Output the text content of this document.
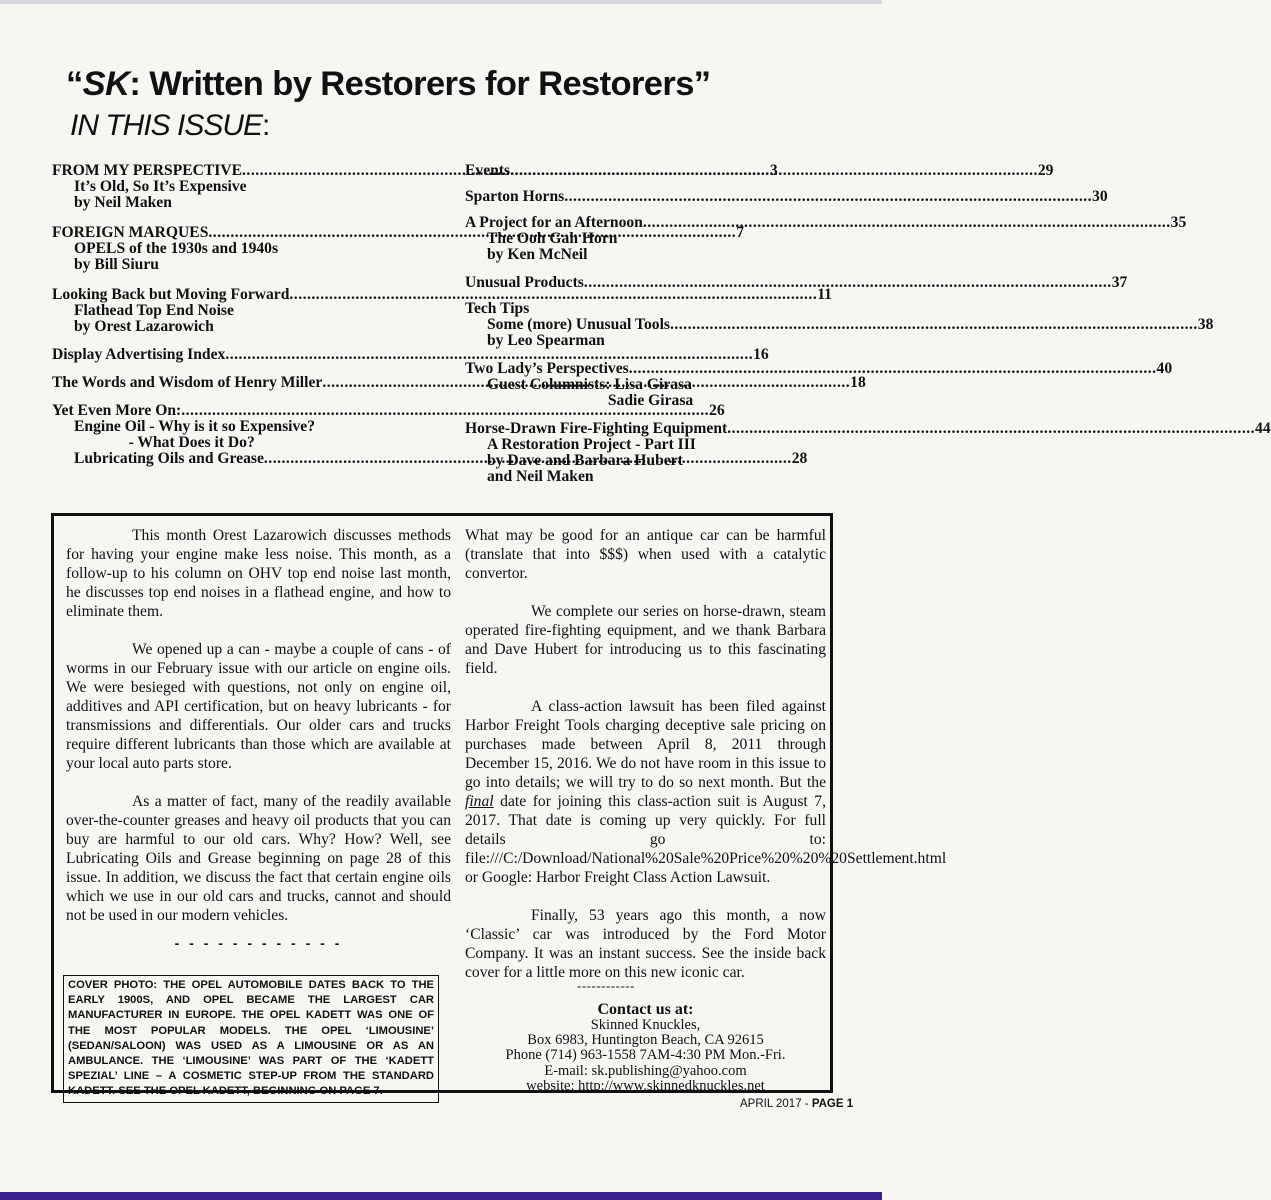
“SK: Written by Restorers for Restorers”
IN THIS ISSUE:
FROM MY PERSPECTIVE .....	3
It’s Old, So It’s Expensive
by Neil Maken
FOREIGN MARQUES .....	7
OPELS of the 1930s and 1940s
by Bill Siuru
Looking Back but Moving Forward .....	11
Flathead Top End Noise
by Orest Lazarowich
Display Advertising Index .....	16
The Words and Wisdom of Henry Miller .....	18
Yet Even More On: .....	26
Engine Oil - Why is it so Expensive?
- What Does it Do?
Lubricating Oils and Grease .....	28
Events .....	29
Sparton Horns .....	30
A Project for an Afternoon .....	35
The Ooh Gah Horn
by Ken McNeil
Unusual Products .....	37
Tech Tips
Some (more) Unusual Tools .....	38
by Leo Spearman
Two Lady’s Perspectives .....	40
Guest Columnists: Lisa Girasa
Sadie Girasa
Horse-Drawn Fire-Fighting Equipment .....	44
A Restoration Project - Part III
by Dave and Barbara Hubert
and Neil Maken

This month Orest Lazarowich discusses methods for having your engine make less noise. This month, as a follow-up to his column on OHV top end noise last month, he discusses top end noises in a flathead engine, and how to eliminate them.

We opened up a can - maybe a couple of cans - of worms in our February issue with our article on engine oils. We were besieged with questions, not only on engine oil, additives and API certification, but on heavy lubricants - for transmissions and differentials. Our older cars and trucks require different lubricants than those which are available at your local auto parts store.

As a matter of fact, many of the readily available over-the-counter greases and heavy oil products that you can buy are harmful to our old cars. Why? How? Well, see Lubricating Oils and Grease beginning on page 28 of this issue. In addition, we discuss the fact that certain engine oils which we use in our old cars and trucks, cannot and should not be used in our modern vehicles.

- - - - - - - - - - - -
COVER PHOTO: THE OPEL AUTOMOBILE DATES BACK TO THE EARLY 1900S, AND OPEL BECAME THE LARGEST CAR MANUFACTURER IN EUROPE. THE OPEL KADETT WAS ONE OF THE MOST POPULAR MODELS. THE OPEL ‘LIMOUSINE’ (SEDAN/SALOON) WAS USED AS A LIMOUSINE OR AS AN AMBULANCE. THE ‘LIMOUSINE’ WAS PART OF THE ‘KADETT SPEZIAL’ LINE – A COSMETIC STEP-UP FROM THE STANDARD KADETT. SEE THE OPEL KADETT, BEGINNING ON PAGE 7.

What may be good for an antique car can be harmful (translate that into $$$) when used with a catalytic convertor.

We complete our series on horse-drawn, steam operated fire-fighting equipment, and we thank Barbara and Dave Hubert for introducing us to this fascinating field.

A class-action lawsuit has been filed against Harbor Freight Tools charging deceptive sale pricing on purchases made between April 8, 2011 through December 15, 2016. We do not have room in this issue to go into details; we will try to do so next month. But the final date for joining this class-action suit is August 7, 2017. That date is coming up very quickly. For full details go to: file:///C:/Download/National%20Sale%20Price%20%20%20Settlement.html or Google: Harbor Freight Class Action Lawsuit.

Finally, 53 years ago this month, a now ‘Classic’ car was introduced by the Ford Motor Company. It was an instant success. See the inside back cover for a little more on this new iconic car.

------------
Contact us at:
Skinned Knuckles,
Box 6983, Huntington Beach, CA 92615
Phone (714) 963-1558 7AM-4:30 PM Mon.-Fri.
E-mail: sk.publishing@yahoo.com
website: http://www.skinnedknuckles.net
APRIL 2017 - PAGE 1
